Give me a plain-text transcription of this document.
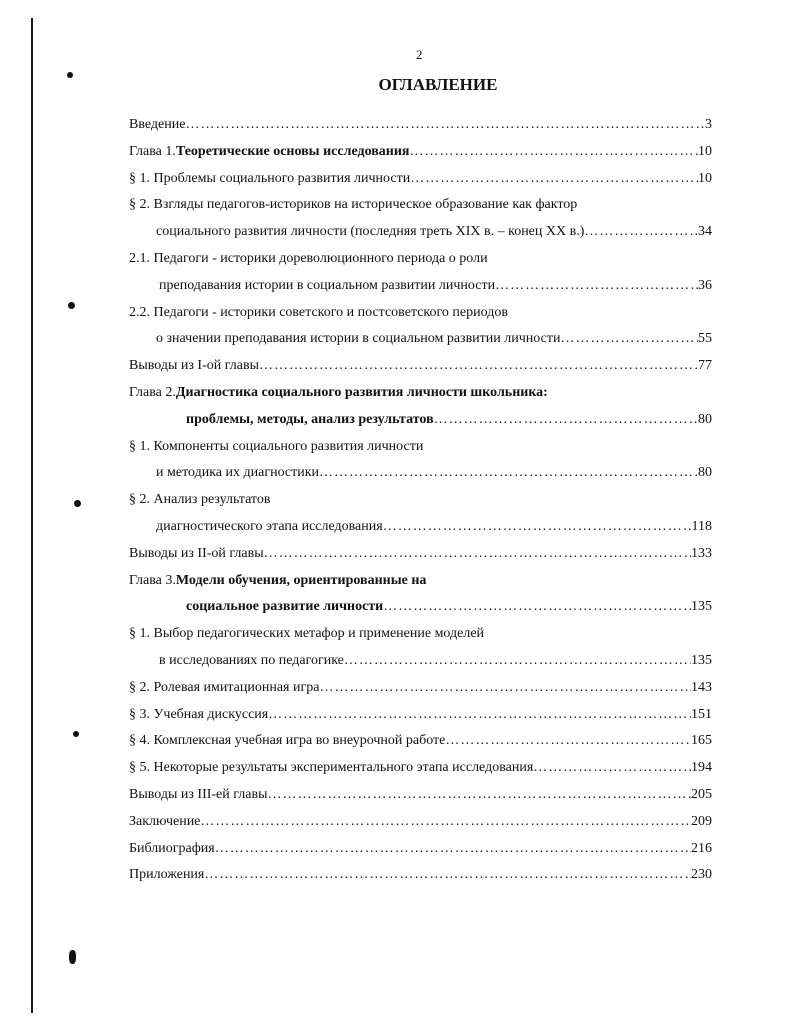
2
ОГЛАВЛЕНИЕ
Введение …………………………………………………………………………………………………………………………………………………………………………………………………	3
Глава 1. Теоретические основы исследования …………………………………………………………………………………………………………………………………………………………………………………………………	10
§ 1. Проблемы социального развития личности …………………………………………………………………………………………………………………………………………………………………………………………………	10
§ 2. Взгляды педагогов-историков на историческое образование как фактор
социального развития личности (последняя треть XIX в. – конец XX в.) …………………………………………………………………………………………………………………………………………………………………………………………………	34
2.1. Педагоги - историки дореволюционного периода о роли
преподавания истории в социальном развитии личности …………………………………………………………………………………………………………………………………………………………………………………………………	36
2.2. Педагоги - историки советского и постсоветского периодов
о значении преподавания истории в социальном развитии личности …………………………………………………………………………………………………………………………………………………………………………………………………	55
Выводы из I-ой главы …………………………………………………………………………………………………………………………………………………………………………………………………	77
Глава 2. Диагностика социального развития личности школьника:
проблемы, методы, анализ результатов …………………………………………………………………………………………………………………………………………………………………………………………………	80
§ 1. Компоненты социального развития личности
и методика их диагностики …………………………………………………………………………………………………………………………………………………………………………………………………	80
§ 2. Анализ результатов
диагностического этапа исследования …………………………………………………………………………………………………………………………………………………………………………………………………	118
Выводы из II-ой главы …………………………………………………………………………………………………………………………………………………………………………………………………	133
Глава 3. Модели обучения, ориентированные на
социальное развитие личности …………………………………………………………………………………………………………………………………………………………………………………………………	135
§ 1. Выбор педагогических метафор и применение моделей
в исследованиях по педагогике …………………………………………………………………………………………………………………………………………………………………………………………………	135
§ 2. Ролевая имитационная игра …………………………………………………………………………………………………………………………………………………………………………………………………	143
§ 3. Учебная дискуссия …………………………………………………………………………………………………………………………………………………………………………………………………	151
§ 4. Комплексная учебная игра во внеурочной работе …………………………………………………………………………………………………………………………………………………………………………………………………	165
§ 5. Некоторые результаты экспериментального этапа исследования …………………………………………………………………………………………………………………………………………………………………………………………………	194
Выводы из III-ей главы …………………………………………………………………………………………………………………………………………………………………………………………………	205
Заключение …………………………………………………………………………………………………………………………………………………………………………………………………	209
Библиография …………………………………………………………………………………………………………………………………………………………………………………………………	216
Приложения …………………………………………………………………………………………………………………………………………………………………………………………………	230
